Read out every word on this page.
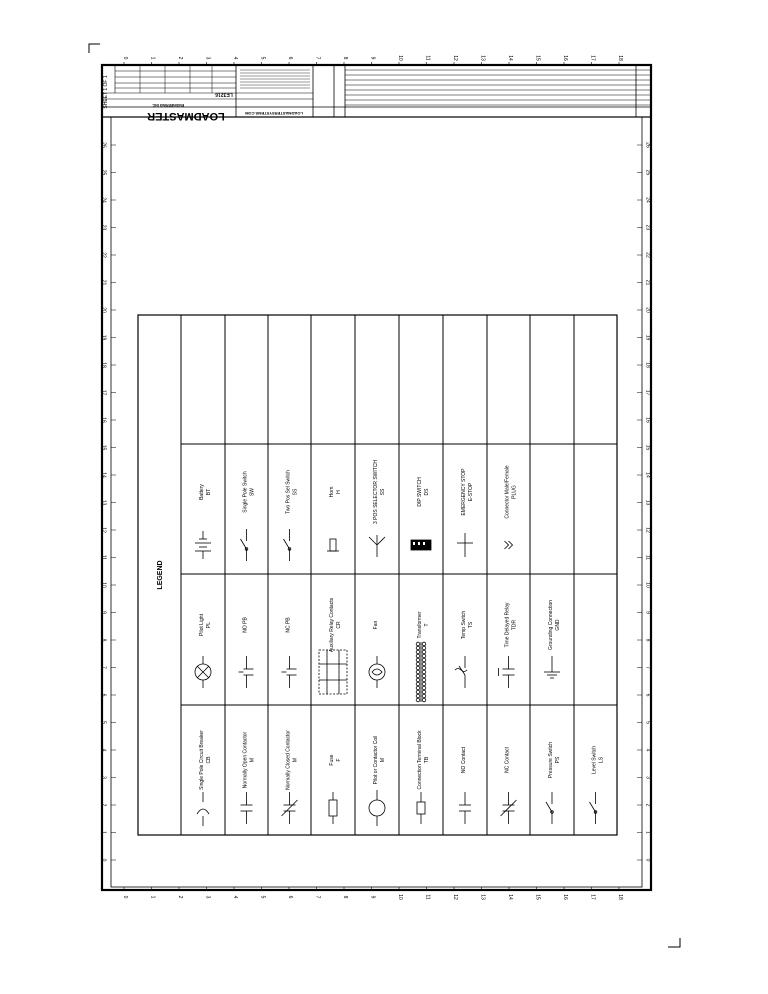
0	1	2	3	4	5	6	7	8	9	10	11	12	13	14	15	16	17	18
0	1	2	3	4	5	6	7	8	9	10	11	12	13	14	15	16	17	18
26
25
24
23
22
21
20
19
18
17
16
15
14
13
12
11
10
9
8
7
6
5
4
3
2
1
0
26
25
24
23
22
21
20
19
18
17
16
15
14
13
12
11
10
9
8
7
6
5
4
3
2
1
0
LOADMASTER
ENGINEERING INC.
LOADMASTERSYSTEMS.COM
LE3216
SHEET 1 OF 1
LEGEND
Single Pole Circuit Breaker CB	Normally Open Contactor M	Normally Closed Contactor M	Fuse F	Pilot or Contactor Coil M	Connection Terminal Block TB	NO Contact	NC Contact	Pressure Switch PS	Level Switch LS
Pilot Light PL	NO PB	NC PB	Auxiliary Relay Contacts CR	Fan	Transformer T	Temp Switch TS	Time Delayed Relay TDR	Grounding Connection GND
Battery BT	Single Pole Switch SW	Two Pos Sel Switch SS	Horn H	3 POS SELECTOR SWITCH SS	DIP SWITCH DS	EMERGENCY STOP E-STOP	Connector Male/Female PLUG
